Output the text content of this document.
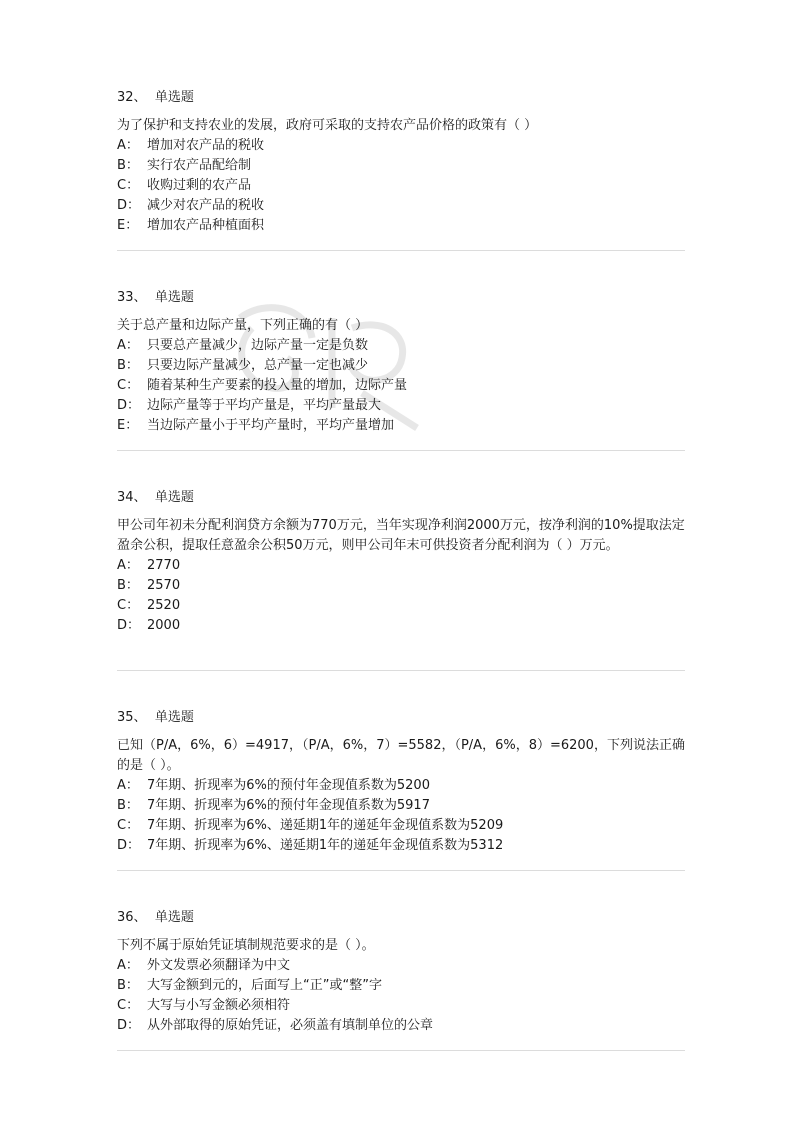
32、  单选题
为了保护和支持农业的发展，政府可采取的支持农产品价格的政策有（ ）
A： 增加对农产品的税收
B： 实行农产品配给制
C： 收购过剩的农产品
D： 减少对农产品的税收
E： 增加农产品种植面积
33、  单选题
关于总产量和边际产量，下列正确的有（ ）
A： 只要总产量减少，边际产量一定是负数
B： 只要边际产量减少，总产量一定也减少
C： 随着某种生产要素的投入量的增加，边际产量
D： 边际产量等于平均产量是，平均产量最大
E： 当边际产量小于平均产量时，平均产量增加
34、  单选题
甲公司年初未分配利润贷方余额为770万元，当年实现净利润2000万元，按净利润的10%提取法定盈余公积，提取任意盈余公积50万元，则甲公司年末可供投资者分配利润为（ ）万元。
A： 2770
B： 2570
C： 2520
D： 2000
35、  单选题
已知（P/A，6%，6）=4917，（P/A，6%，7）=5582，（P/A，6%，8）=6200，下列说法正确的是（ ）。
A： 7年期、折现率为6%的预付年金现值系数为5200
B： 7年期、折现率为6%的预付年金现值系数为5917
C： 7年期、折现率为6%、递延期1年的递延年金现值系数为5209
D： 7年期、折现率为6%、递延期1年的递延年金现值系数为5312
36、  单选题
下列不属于原始凭证填制规范要求的是（ ）。
A： 外文发票必须翻译为中文
B： 大写金额到元的，后面写上“正”或“整”字
C： 大写与小写金额必须相符
D： 从外部取得的原始凭证，必须盖有填制单位的公章
